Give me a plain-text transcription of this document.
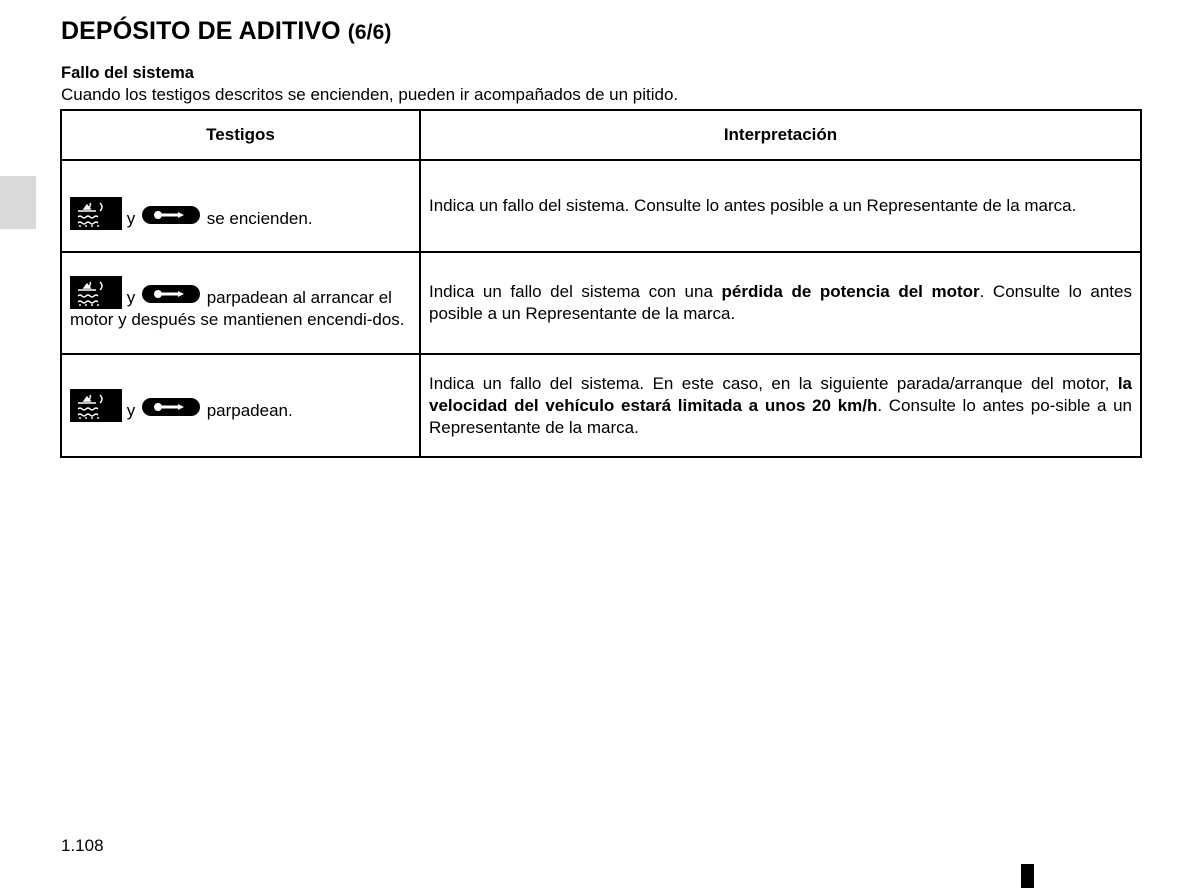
DEPÓSITO DE ADITIVO (6/6)
Fallo del sistema
Cuando los testigos descritos se encienden, pueden ir acompañados de un pitido.
Testigos	Interpretación

y se encienden.	Indica un fallo del sistema. Consulte lo antes posible a un Representante de la marca.

y parpadean al arrancar el motor y después se mantienen encendi-dos.	Indica un fallo del sistema con una pérdida de potencia del motor. Consulte lo antes posible a un Representante de la marca.

y parpadean.	Indica un fallo del sistema. En este caso, en la siguiente parada/arranque del motor, la velocidad del vehículo estará limitada a unos 20 km/h. Consulte lo antes po-sible a un Representante de la marca.
1.108
